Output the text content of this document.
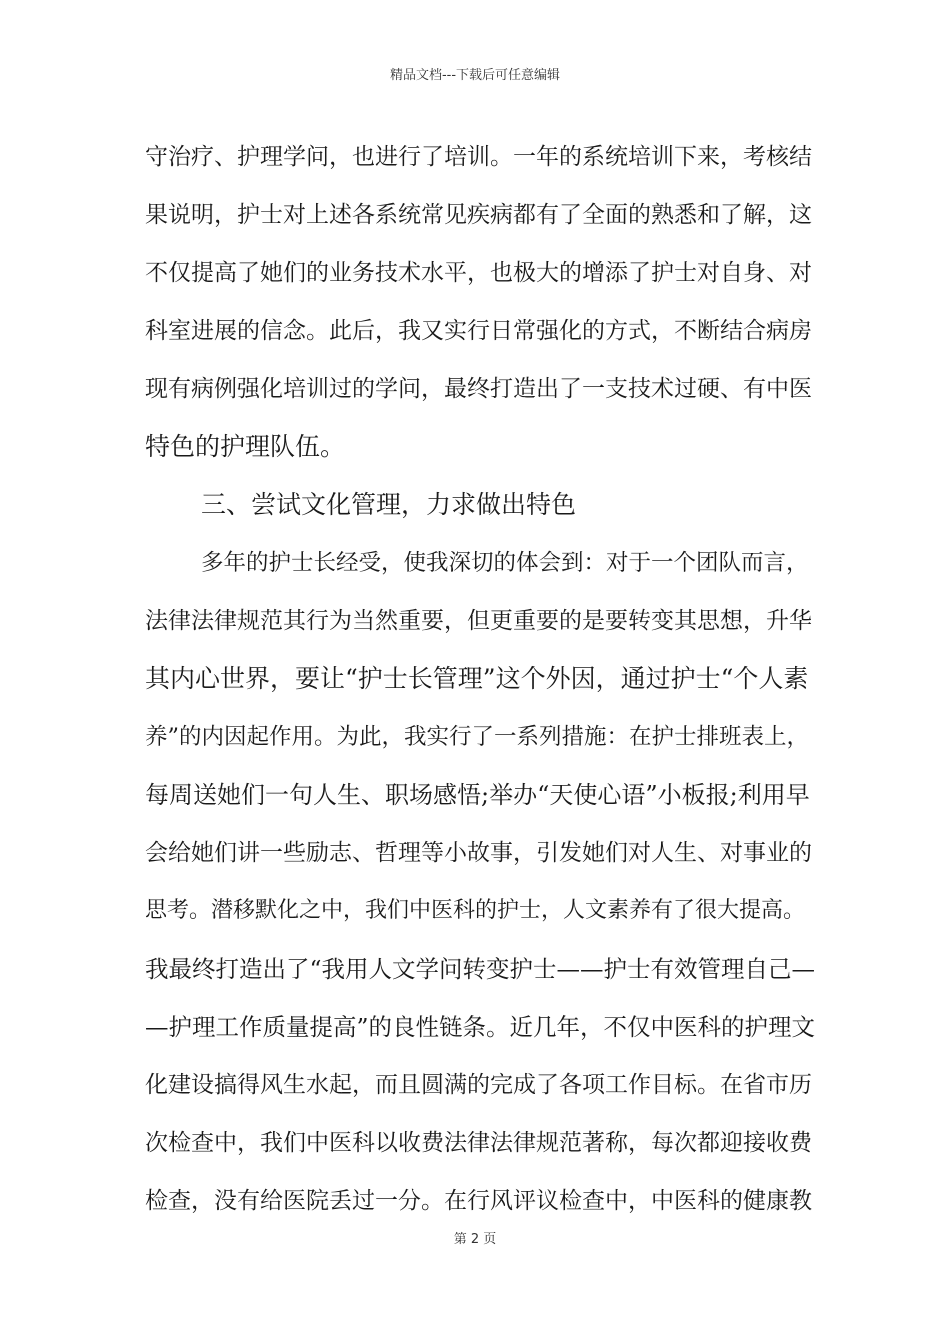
精品文档---下载后可任意编辑
守治疗、护理学问，也进行了培训。一年的系统培训下来，考核结
果说明，护士对上述各系统常见疾病都有了全面的熟悉和了解，这
不仅提高了她们的业务技术水平，也极大的增添了护士对自身、对
科室进展的信念。此后，我又实行日常强化的方式，不断结合病房
现有病例强化培训过的学问，最终打造出了一支技术过硬、有中医
特色的护理队伍。
三、尝试文化管理，力求做出特色
多年的护士长经受，使我深切的体会到：对于一个团队而言，
法律法律规范其行为当然重要，但更重要的是要转变其思想，升华
其内心世界，要让“护士长管理”这个外因，通过护士“个人素
养”的内因起作用。为此，我实行了一系列措施：在护士排班表上，
每周送她们一句人生、职场感悟;举办“天使心语”小板报;利用早
会给她们讲一些励志、哲理等小故事，引发她们对人生、对事业的
思考。潜移默化之中，我们中医科的护士，人文素养有了很大提高。
我最终打造出了“我用人文学问转变护士——护士有效管理自己—
—护理工作质量提高”的良性链条。近几年，不仅中医科的护理文
化建设搞得风生水起，而且圆满的完成了各项工作目标。在省市历
次检查中，我们中医科以收费法律法律规范著称，每次都迎接收费
检查，没有给医院丢过一分。在行风评议检查中，中医科的健康教
第 2 页
